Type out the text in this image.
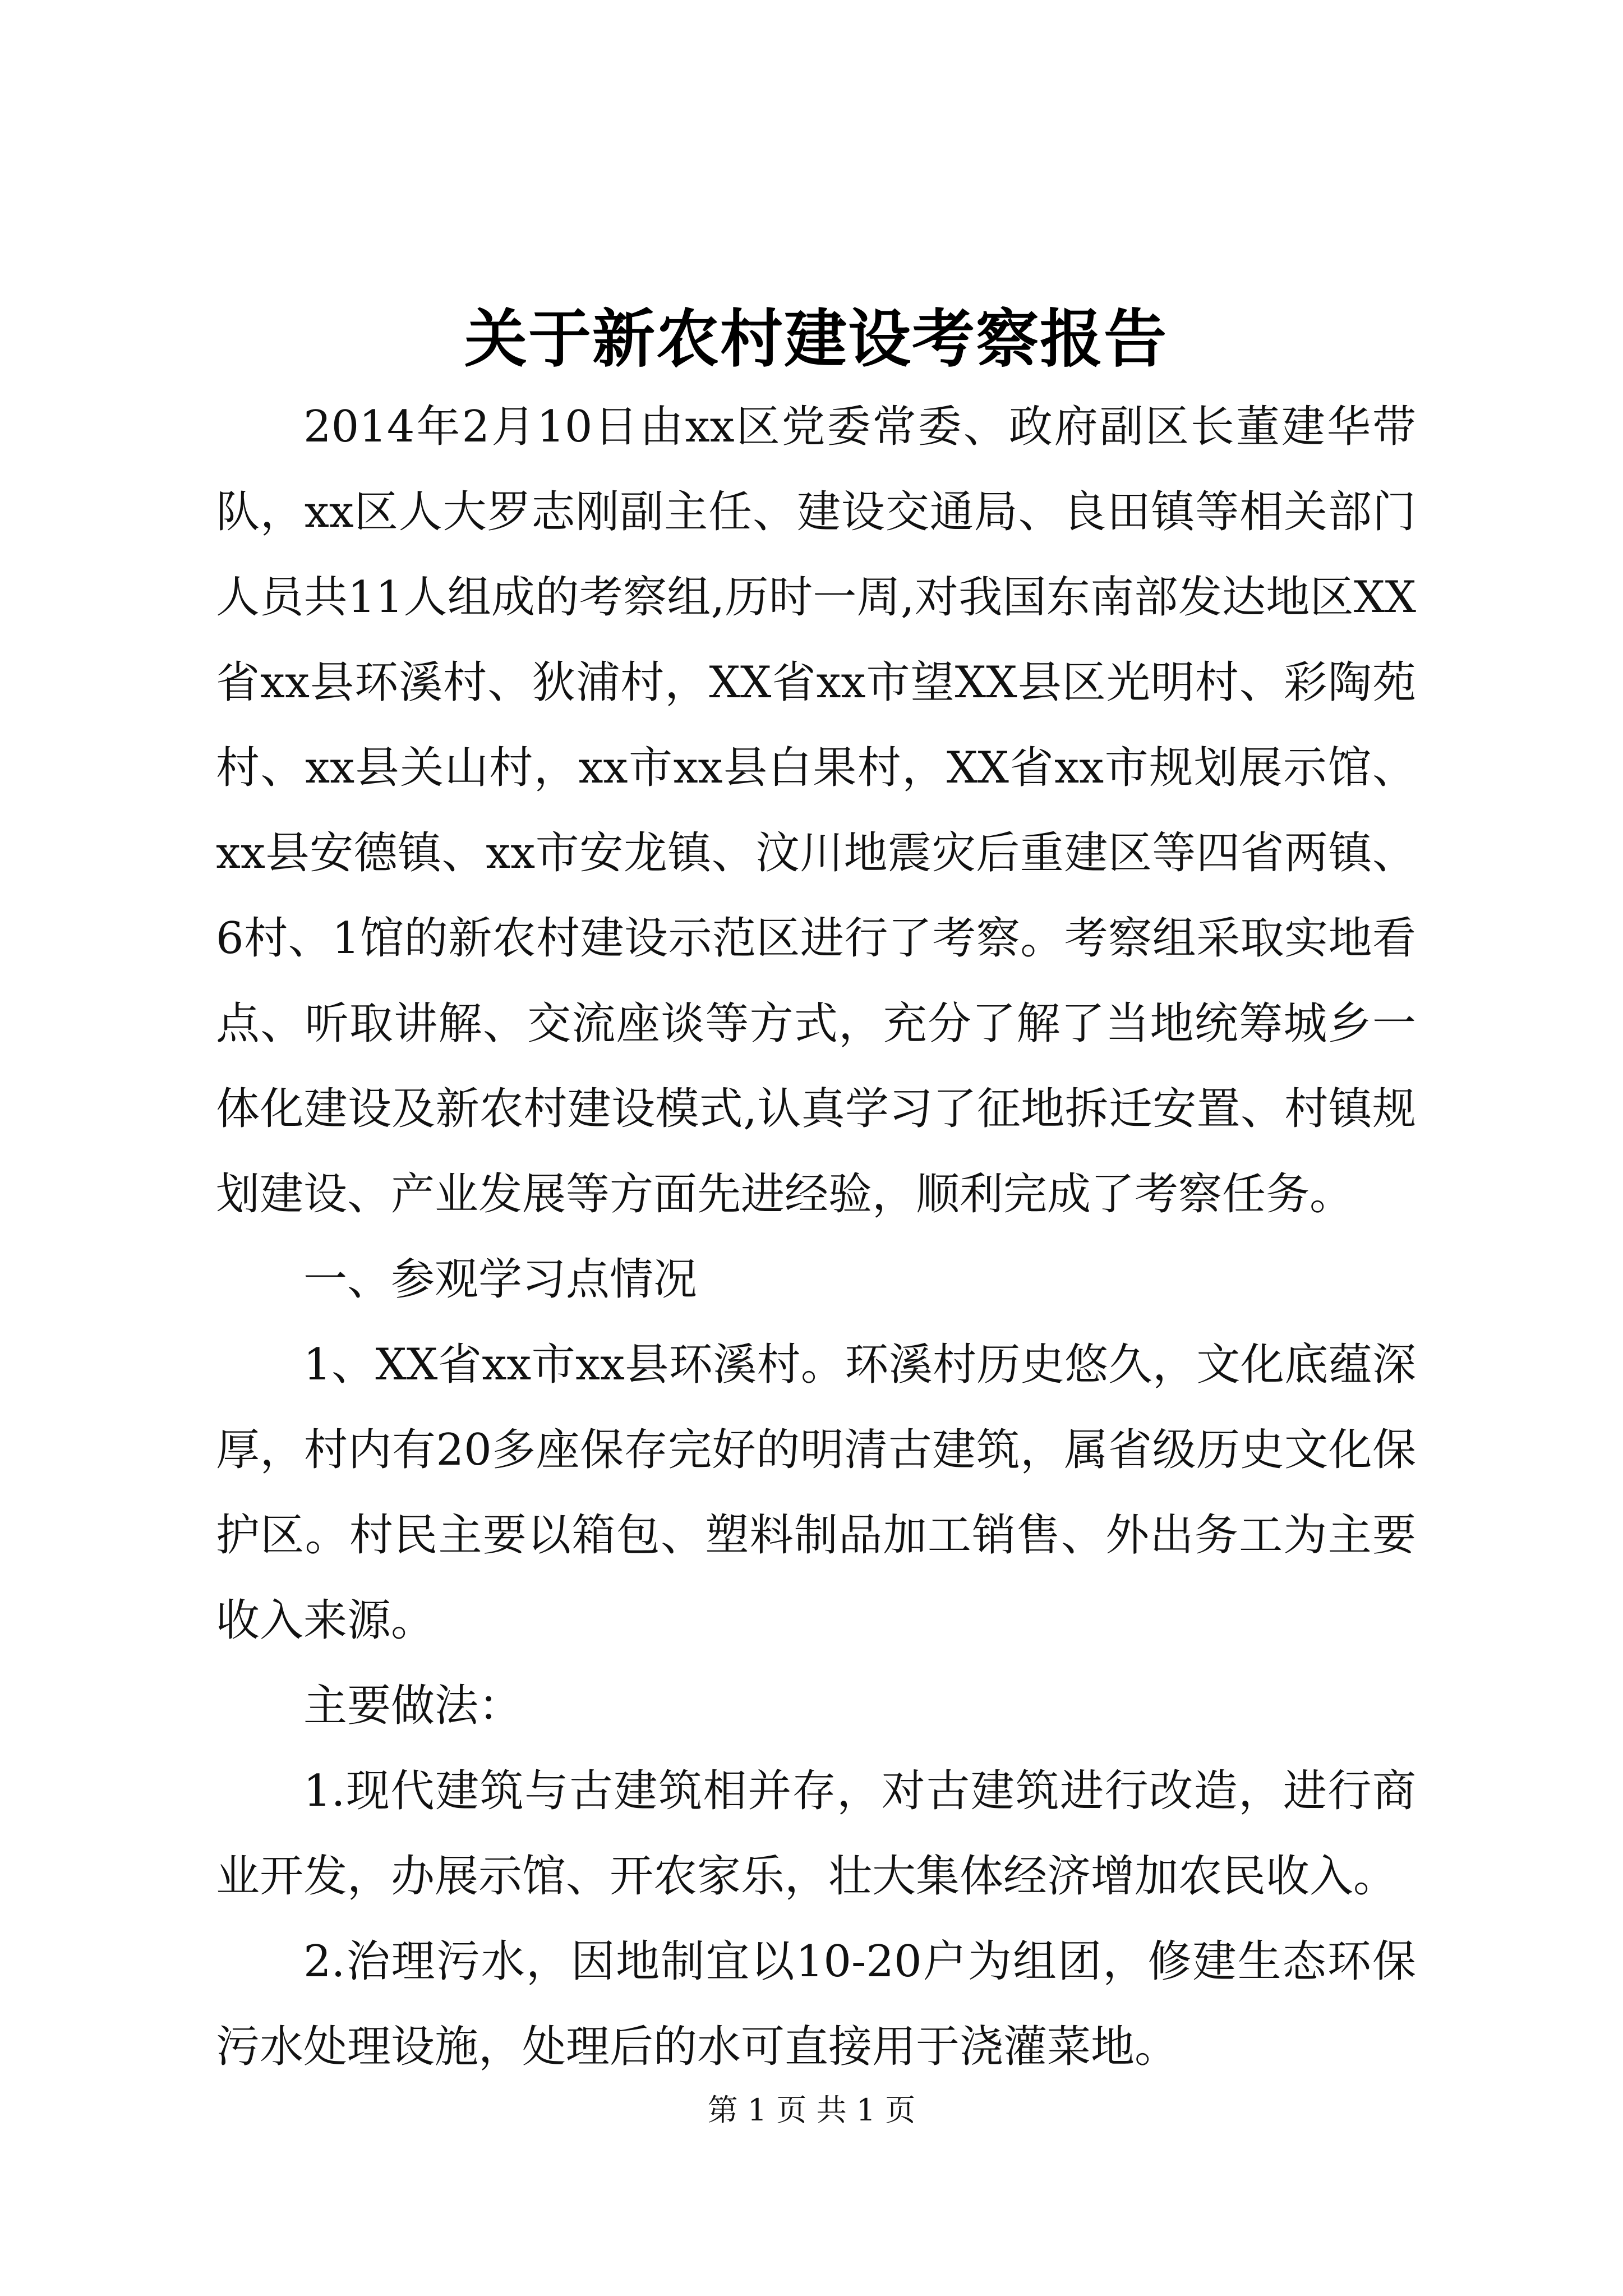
关于新农村建设考察报告

2014年2月10日由xx区党委常委、政府副区长董建华带队，xx区人大罗志刚副主任、建设交通局、良田镇等相关部门人员共11人组成的考察组,历时一周,对我国东南部发达地区XX省xx县环溪村、狄浦村，XX省xx市望XX县区光明村、彩陶苑村、xx县关山村，xx市xx县白果村，XX省xx市规划展示馆、xx县安德镇、xx市安龙镇、汶川地震灾后重建区等四省两镇、6村、1馆的新农村建设示范区进行了考察。考察组采取实地看点、听取讲解、交流座谈等方式，充分了解了当地统筹城乡一体化建设及新农村建设模式,认真学习了征地拆迁安置、村镇规划建设、产业发展等方面先进经验，顺利完成了考察任务。

一、参观学习点情况

1、XX省xx市xx县环溪村。环溪村历史悠久，文化底蕴深厚，村内有20多座保存完好的明清古建筑，属省级历史文化保护区。村民主要以箱包、塑料制品加工销售、外出务工为主要收入来源。

主要做法：

1.现代建筑与古建筑相并存，对古建筑进行改造，进行商业开发，办展示馆、开农家乐，壮大集体经济增加农民收入。

2.治理污水，因地制宜以10-20户为组团，修建生态环保污水处理设施，处理后的水可直接用于浇灌菜地。

第 1 页 共 1 页
